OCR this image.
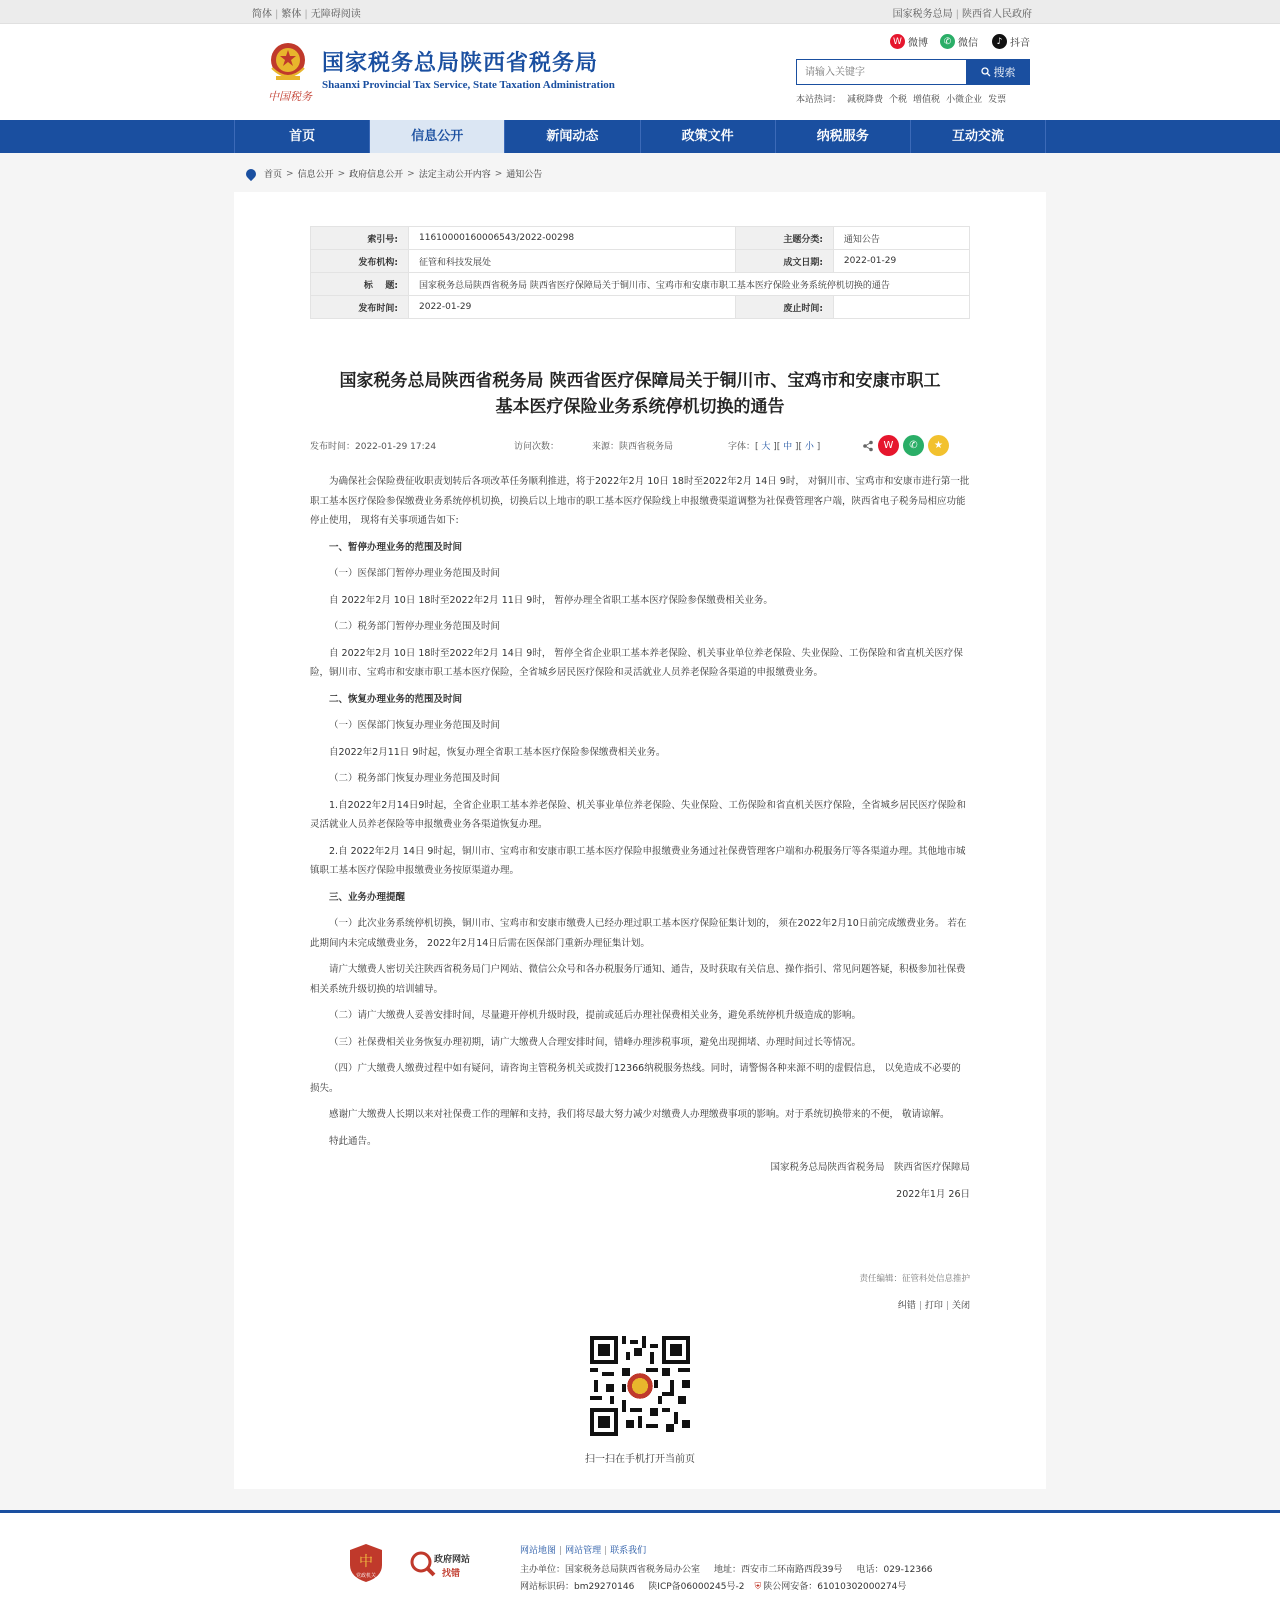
简体 | 繁体 | 无障碍阅读	国家税务总局 | 陕西省人民政府
中国税务
国家税务总局陕西省税务局
Shaanxi Provincial Tax Service, State Taxation Administration
W 微博	✆ 微信	♪ 抖音
请输入关键字
搜索
本站热词： 减税降费 个税 增值税 小微企业 发票
首页	信息公开	新闻动态	政策文件	纳税服务	互动交流
首页 > 信息公开 > 政府信息公开 > 法定主动公开内容 > 通知公告
索引号:	11610000160006543/2022-00298	主题分类:	通知公告
发布机构:	征管和科技发展处	成文日期:	2022-01-29
标    题:	国家税务总局陕西省税务局 陕西省医疗保障局关于铜川市、宝鸡市和安康市职工基本医疗保险业务系统停机切换的通告		
发布时间:	2022-01-29	废止时间:	
国家税务总局陕西省税务局 陕西省医疗保障局关于铜川市、宝鸡市和安康市职工
基本医疗保险业务系统停机切换的通告
发布时间：2022-01-29 17:24	访问次数：	来源：陕西省税务局	字体：[ 大 ][ 中 ][ 小 ]	W	✆	★

为确保社会保险费征收职责划转后各项改革任务顺利推进，将于2022年2月 10日 18时至2022年2月 14日 9时， 对铜川市、宝鸡市和安康市进行第一批职工基本医疗保险参保缴费业务系统停机切换，切换后以上地市的职工基本医疗保险线上申报缴费渠道调整为社保费管理客户端，陕西省电子税务局相应功能停止使用， 现将有关事项通告如下:

一、暂停办理业务的范围及时间

（一）医保部门暂停办理业务范围及时间

自 2022年2月 10日 18时至2022年2月 11日 9时， 暂停办理全省职工基本医疗保险参保缴费相关业务。

（二）税务部门暂停办理业务范围及时间

自 2022年2月 10日 18时至2022年2月 14日 9时， 暂停全省企业职工基本养老保险、机关事业单位养老保险、失业保险、工伤保险和省直机关医疗保险，铜川市、宝鸡市和安康市职工基本医疗保险，全省城乡居民医疗保险和灵活就业人员养老保险各渠道的申报缴费业务。

二、恢复办理业务的范围及时间

（一）医保部门恢复办理业务范围及时间

自2022年2月11日 9时起，恢复办理全省职工基本医疗保险参保缴费相关业务。

（二）税务部门恢复办理业务范围及时间

1.自2022年2月14日9时起，全省企业职工基本养老保险、机关事业单位养老保险、失业保险、工伤保险和省直机关医疗保险，全省城乡居民医疗保险和灵活就业人员养老保险等申报缴费业务各渠道恢复办理。

2.自 2022年2月 14日 9时起，铜川市、宝鸡市和安康市职工基本医疗保险申报缴费业务通过社保费管理客户端和办税服务厅等各渠道办理。其他地市城镇职工基本医疗保险申报缴费业务按原渠道办理。

三、业务办理提醒

（一）此次业务系统停机切换，铜川市、宝鸡市和安康市缴费人已经办理过职工基本医疗保险征集计划的， 须在2022年2月10日前完成缴费业务。 若在此期间内未完成缴费业务， 2022年2月14日后需在医保部门重新办理征集计划。

请广大缴费人密切关注陕西省税务局门户网站、微信公众号和各办税服务厅通知、通告，及时获取有关信息、操作指引、常见问题答疑，积极参加社保费相关系统升级切换的培训辅导。

（二）请广大缴费人妥善安排时间，尽量避开停机升级时段，提前或延后办理社保费相关业务，避免系统停机升级造成的影响。

（三）社保费相关业务恢复办理初期，请广大缴费人合理安排时间，错峰办理涉税事项，避免出现拥堵、办理时间过长等情况。

（四）广大缴费人缴费过程中如有疑问，请咨询主管税务机关或拨打12366纳税服务热线。同时，请警惕各种来源不明的虚假信息， 以免造成不必要的损失。

感谢广大缴费人长期以来对社保费工作的理解和支持，我们将尽最大努力减少对缴费人办理缴费事项的影响。对于系统切换带来的不便， 敬请谅解。

特此通告。

国家税务总局陕西省税务局　陕西省医疗保障局

2022年1月 26日

责任编辑：征管科处信息推护
纠错 | 打印 | 关闭
扫一扫在手机打开当前页
中
党政机关
政府网站
找错
网站地图 | 网站管理 | 联系我们
主办单位：国家税务总局陕西省税务局办公室 地址：西安市二环南路西段39号 电话：029-12366
网站标识码：bm29270146 陕ICP备06000245号-2 ⛨ 陕公网安备：61010302000274号
